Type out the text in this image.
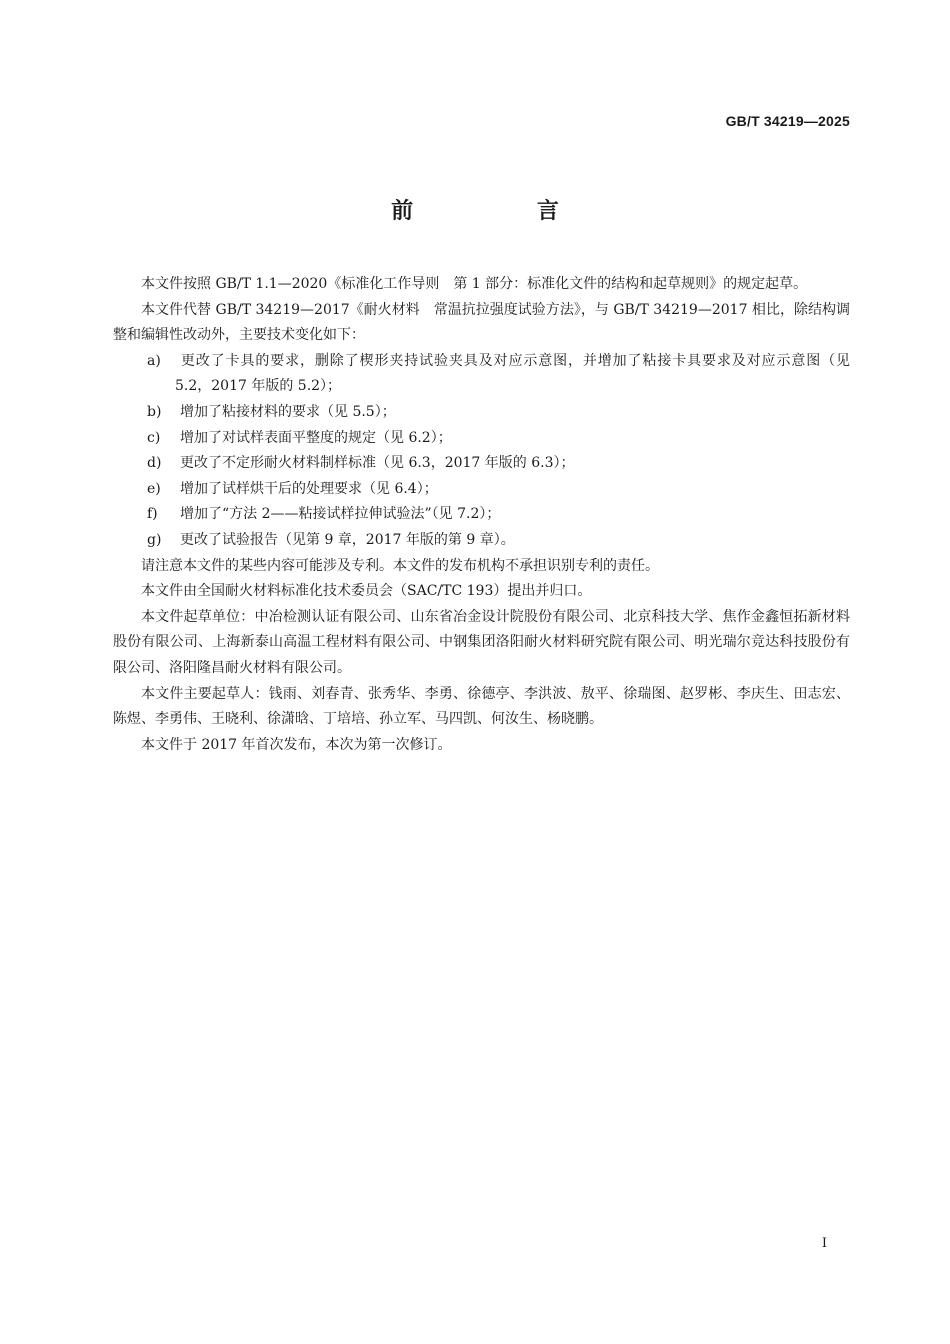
GB/T 34219—2025
前 言

本文件按照 GB/T 1.1—2020《标准化工作导则　第 1 部分：标准化文件的结构和起草规则》的规定起草。

本文件代替 GB/T 34219—2017《耐火材料　常温抗拉强度试验方法》，与 GB/T 34219—2017 相比，除结构调整和编辑性改动外，主要技术变化如下：

a) 更改了卡具的要求，删除了楔形夹持试验夹具及对应示意图，并增加了粘接卡具要求及对应示意图（见 5.2，2017 年版的 5.2）；

b) 增加了粘接材料的要求（见 5.5）；

c) 增加了对试样表面平整度的规定（见 6.2）；

d) 更改了不定形耐火材料制样标准（见 6.3，2017 年版的 6.3）；

e) 增加了试样烘干后的处理要求（见 6.4）；

f) 增加了“方法 2——粘接试样拉伸试验法”（见 7.2）；

g) 更改了试验报告（见第 9 章，2017 年版的第 9 章）。

请注意本文件的某些内容可能涉及专利。本文件的发布机构不承担识别专利的责任。

本文件由全国耐火材料标准化技术委员会（SAC/TC 193）提出并归口。

本文件起草单位：中冶检测认证有限公司、山东省冶金设计院股份有限公司、北京科技大学、焦作金鑫恒拓新材料股份有限公司、上海新泰山高温工程材料有限公司、中钢集团洛阳耐火材料研究院有限公司、明光瑞尔竞达科技股份有限公司、洛阳隆昌耐火材料有限公司。

本文件主要起草人：钱雨、刘春青、张秀华、李勇、徐德亭、李洪波、敖平、徐瑞图、赵罗彬、李庆生、田志宏、陈煜、李勇伟、王晓利、徐潇晗、丁培培、孙立军、马四凯、何汝生、杨晓鹏。

本文件于 2017 年首次发布，本次为第一次修订。

I
